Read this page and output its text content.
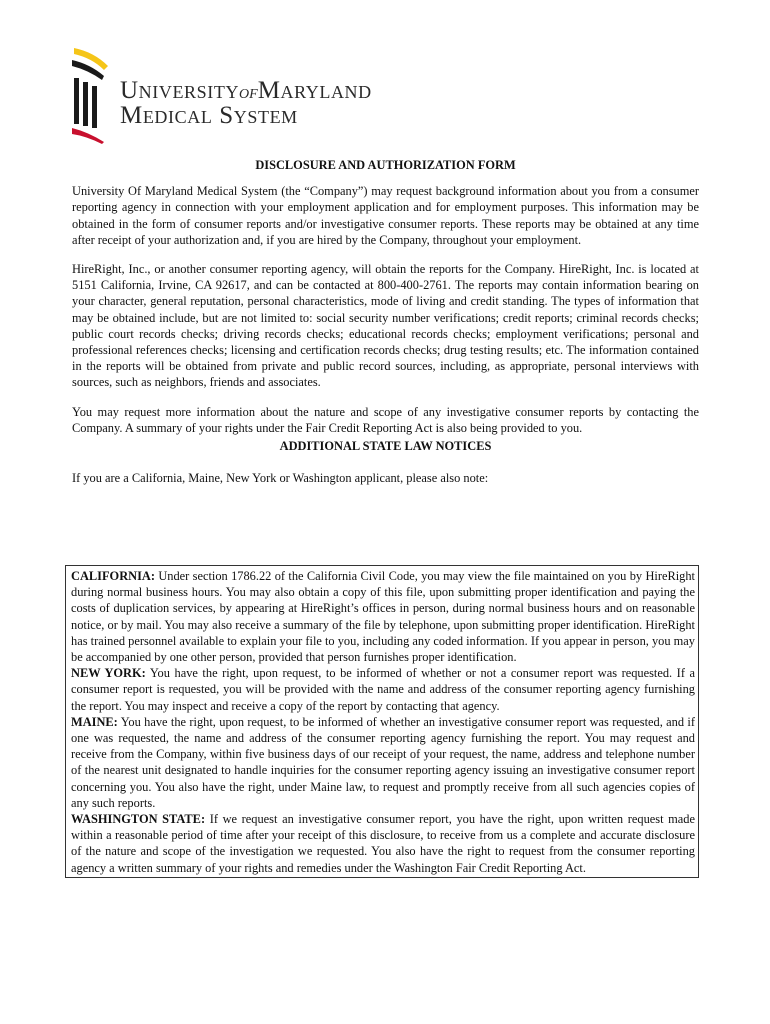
UniversityofMaryland
Medical System

DISCLOSURE AND AUTHORIZATION FORM

University Of Maryland Medical System (the “Company”) may request background information about you from a consumer reporting agency in connection with your employment application and for employment purposes. This information may be obtained in the form of consumer reports and/or investigative consumer reports. These reports may be obtained at any time after receipt of your authorization and, if you are hired by the Company, throughout your employment.

HireRight, Inc., or another consumer reporting agency, will obtain the reports for the Company. HireRight, Inc. is located at 5151 California, Irvine, CA 92617, and can be contacted at 800-400-2761. The reports may contain information bearing on your character, general reputation, personal characteristics, mode of living and credit standing. The types of information that may be obtained include, but are not limited to: social security number verifications; credit reports; criminal records checks; public court records checks; driving records checks; educational records checks; employment verifications; personal and professional references checks; licensing and certification records checks; drug testing results; etc. The information contained in the reports will be obtained from private and public record sources, including, as appropriate, personal interviews with sources, such as neighbors, friends and associates.

You may request more information about the nature and scope of any investigative consumer reports by contacting the Company. A summary of your rights under the Fair Credit Reporting Act is also being provided to you.

ADDITIONAL STATE LAW NOTICES

If you are a California, Maine, New York or Washington applicant, please also note:

CALIFORNIA: Under section 1786.22 of the California Civil Code, you may view the file maintained on you by HireRight during normal business hours. You may also obtain a copy of this file, upon submitting proper identification and paying the costs of duplication services, by appearing at HireRight’s offices in person, during normal business hours and on reasonable notice, or by mail. You may also receive a summary of the file by telephone, upon submitting proper identification. HireRight has trained personnel available to explain your file to you, including any coded information. If you appear in person, you may be accompanied by one other person, provided that person furnishes proper identification.

NEW YORK: You have the right, upon request, to be informed of whether or not a consumer report was requested. If a consumer report is requested, you will be provided with the name and address of the consumer reporting agency furnishing the report. You may inspect and receive a copy of the report by contacting that agency.

MAINE: You have the right, upon request, to be informed of whether an investigative consumer report was requested, and if one was requested, the name and address of the consumer reporting agency furnishing the report. You may request and receive from the Company, within five business days of our receipt of your request, the name, address and telephone number of the nearest unit designated to handle inquiries for the consumer reporting agency issuing an investigative consumer report concerning you. You also have the right, under Maine law, to request and promptly receive from all such agencies copies of any such reports.

WASHINGTON STATE: If we request an investigative consumer report, you have the right, upon written request made within a reasonable period of time after your receipt of this disclosure, to receive from us a complete and accurate disclosure of the nature and scope of the investigation we requested. You also have the right to request from the consumer reporting agency a written summary of your rights and remedies under the Washington Fair Credit Reporting Act.
